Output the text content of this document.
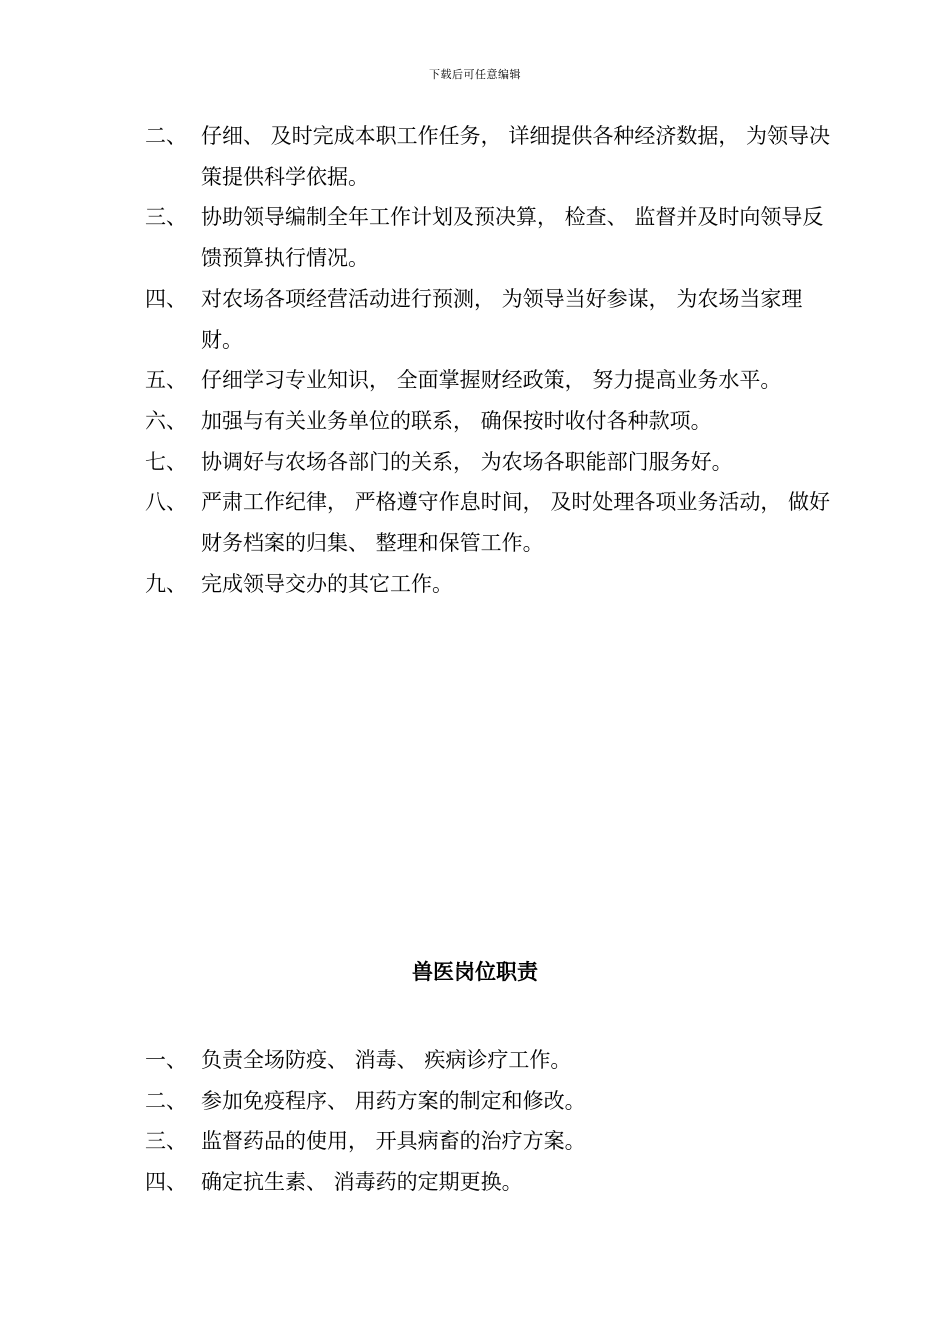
下载后可任意编辑
二、 仔细、 及时完成本职工作任务， 详细提供各种经济数据， 为领导决策提供科学依据。
三、 协助领导编制全年工作计划及预决算， 检查、 监督并及时向领导反馈预算执行情况。
四、 对农场各项经营活动进行预测， 为领导当好参谋， 为农场当家理财。
五、 仔细学习专业知识， 全面掌握财经政策， 努力提高业务水平。
六、 加强与有关业务单位的联系， 确保按时收付各种款项。
七、 协调好与农场各部门的关系， 为农场各职能部门服务好。
八、 严肃工作纪律， 严格遵守作息时间， 及时处理各项业务活动， 做好财务档案的归集、 整理和保管工作。
九、 完成领导交办的其它工作。
兽医岗位职责
一、 负责全场防疫、 消毒、 疾病诊疗工作。
二、 参加免疫程序、 用药方案的制定和修改。
三、 监督药品的使用， 开具病畜的治疗方案。
四、 确定抗生素、 消毒药的定期更换。
